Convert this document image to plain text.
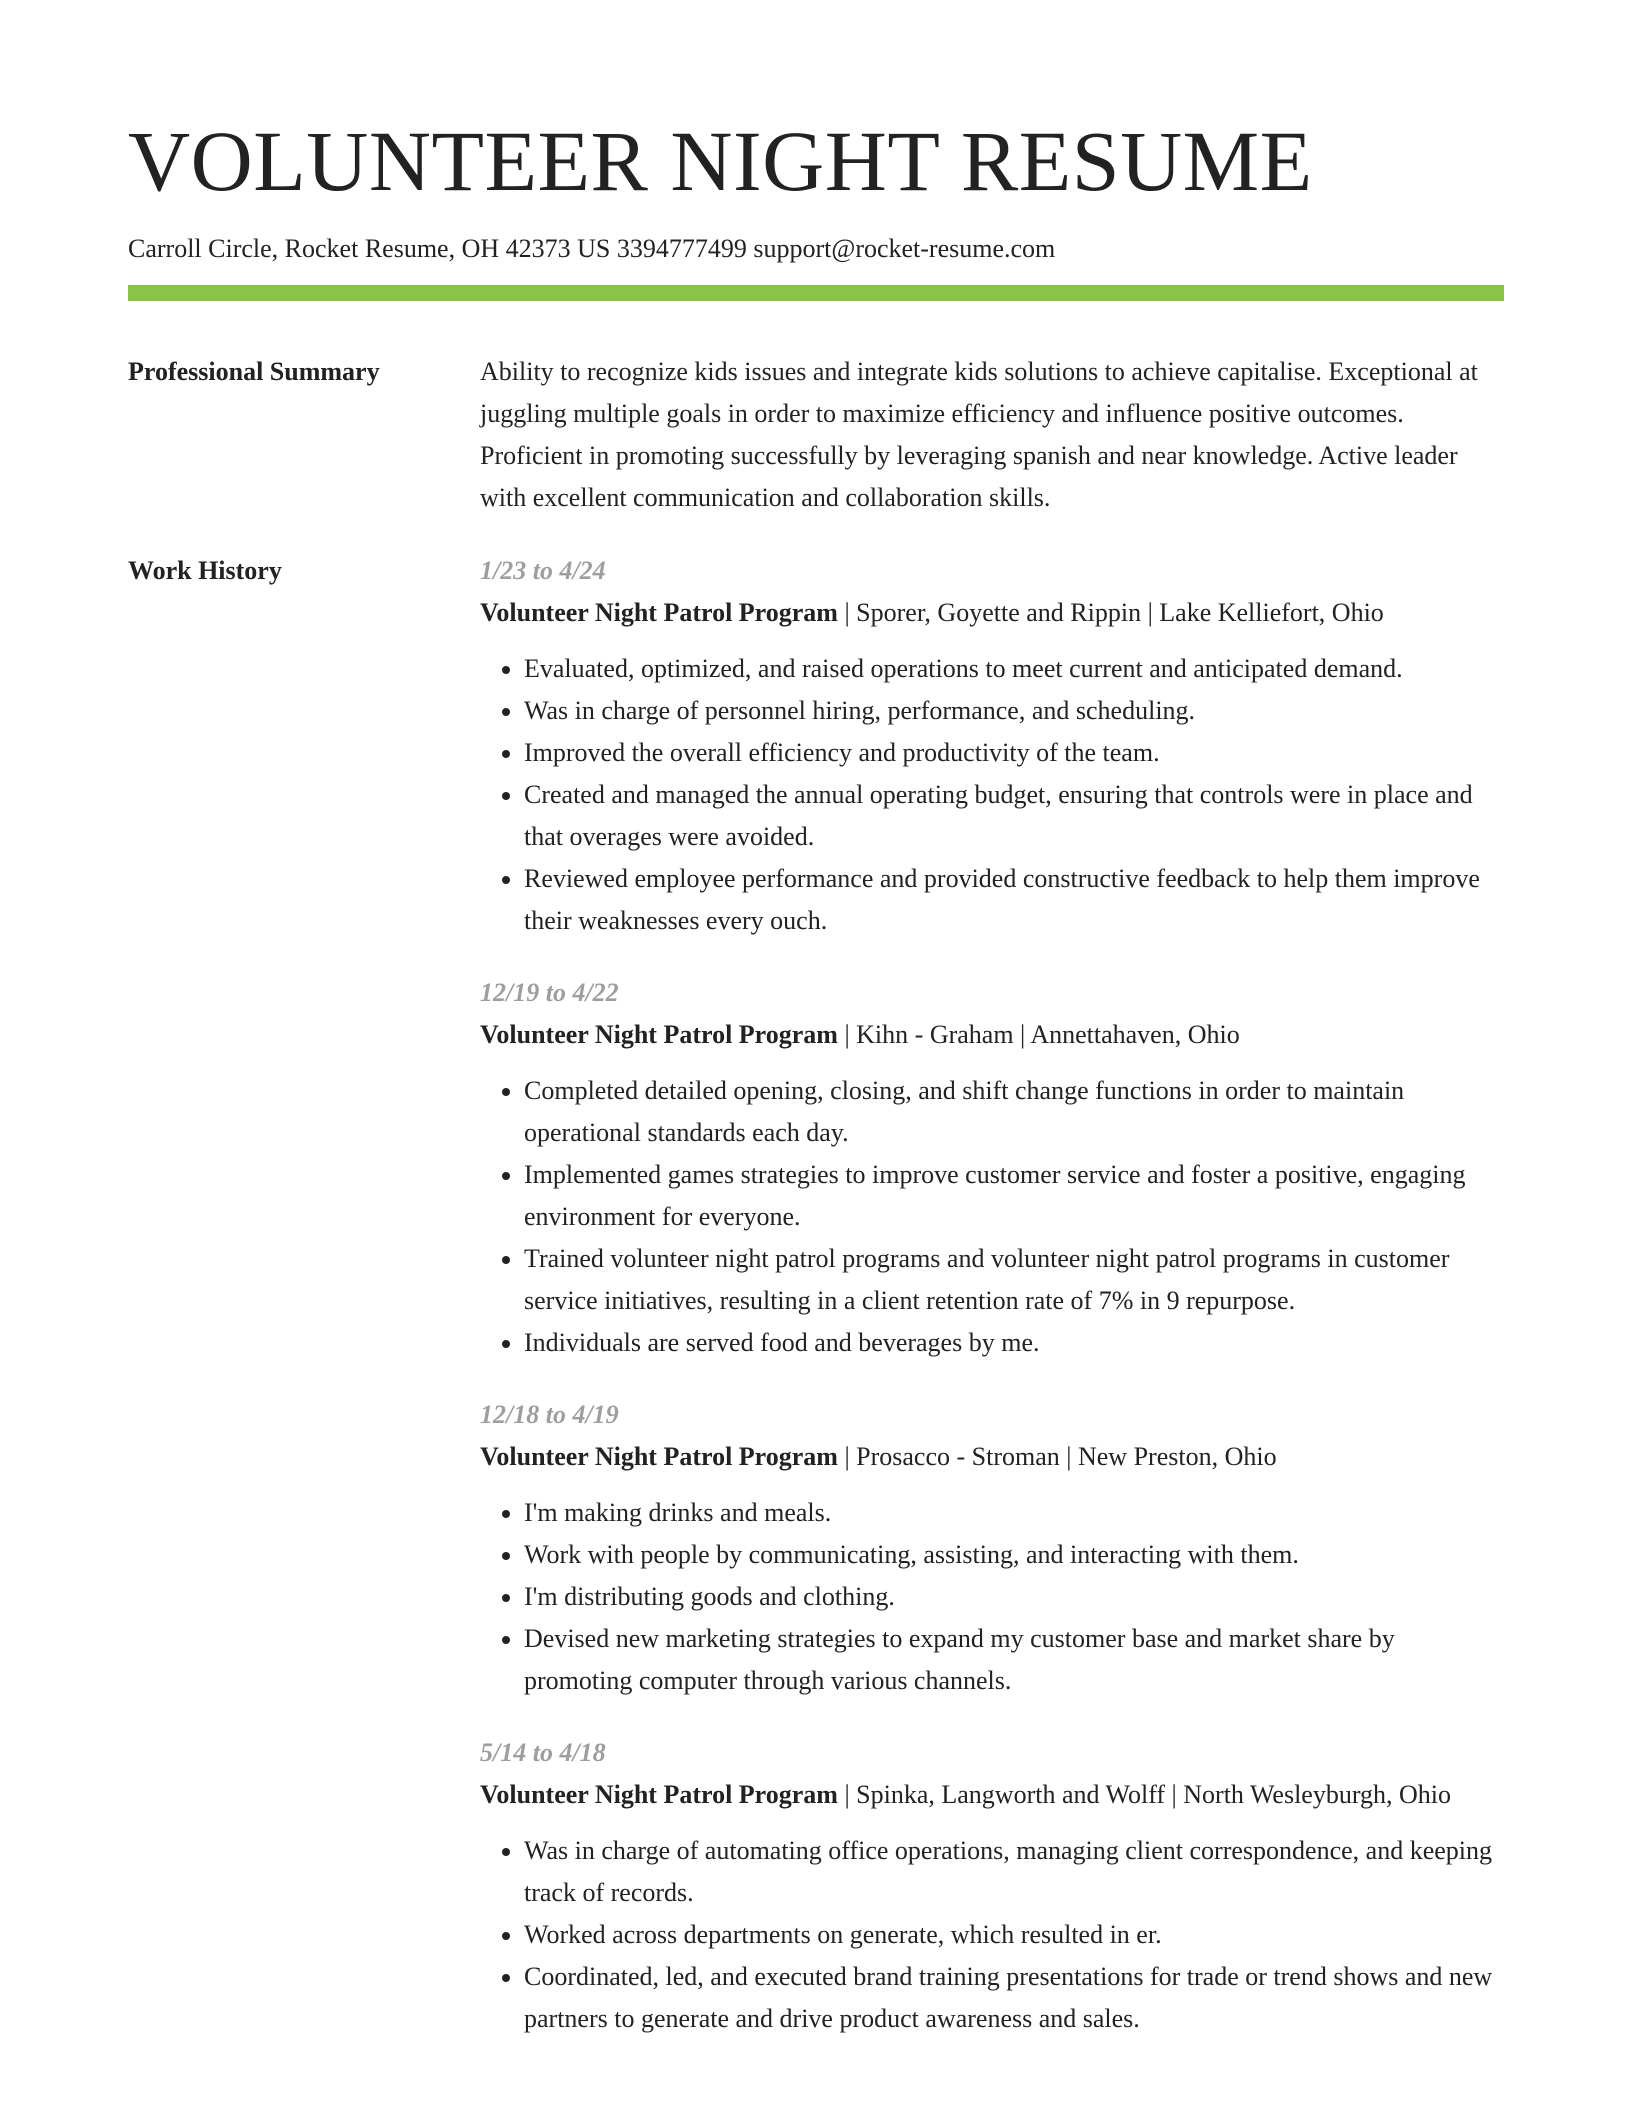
VOLUNTEER NIGHT RESUME
Carroll Circle, Rocket Resume, OH 42373 US 3394777499 support@rocket-resume.com
Professional Summary	Ability to recognize kids issues and integrate kids solutions to achieve capitalise. Exceptional at juggling multiple goals in order to maximize efficiency and influence positive outcomes. Proficient in promoting successfully by leveraging spanish and near knowledge. Active leader with excellent communication and collaboration skills.

Work History	1/23 to 4/24
Volunteer Night Patrol Program | Sporer, Goyette and Rippin | Lake Kelliefort, Ohio
• Evaluated, optimized, and raised operations to meet current and anticipated demand.
• Was in charge of personnel hiring, performance, and scheduling.
• Improved the overall efficiency and productivity of the team.
• Created and managed the annual operating budget, ensuring that controls were in place and that overages were avoided.
• Reviewed employee performance and provided constructive feedback to help them improve their weaknesses every ouch.
12/19 to 4/22
Volunteer Night Patrol Program | Kihn - Graham | Annettahaven, Ohio
• Completed detailed opening, closing, and shift change functions in order to maintain operational standards each day.
• Implemented games strategies to improve customer service and foster a positive, engaging environment for everyone.
• Trained volunteer night patrol programs and volunteer night patrol programs in customer service initiatives, resulting in a client retention rate of 7% in 9 repurpose.
• Individuals are served food and beverages by me.
12/18 to 4/19
Volunteer Night Patrol Program | Prosacco - Stroman | New Preston, Ohio
• I'm making drinks and meals.
• Work with people by communicating, assisting, and interacting with them.
• I'm distributing goods and clothing.
• Devised new marketing strategies to expand my customer base and market share by promoting computer through various channels.
5/14 to 4/18
Volunteer Night Patrol Program | Spinka, Langworth and Wolff | North Wesleyburgh, Ohio
• Was in charge of automating office operations, managing client correspondence, and keeping track of records.
• Worked across departments on generate, which resulted in er.
• Coordinated, led, and executed brand training presentations for trade or trend shows and new partners to generate and drive product awareness and sales.
